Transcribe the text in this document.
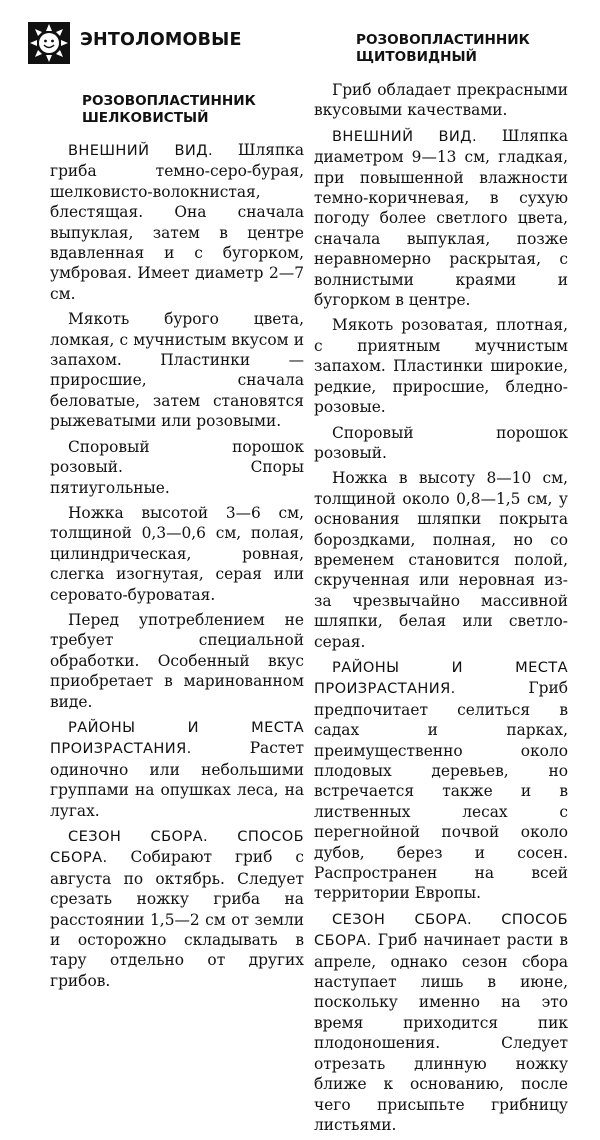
ЭНТОЛОМОВЫЕ
РОЗОВОПЛАСТИННИК ШЕЛКОВИСТЫЙ

ВНЕШНИЙ ВИД. Шляпка гриба темно-серо-бурая, шелковисто-волокнистая, блестящая. Она сначала выпуклая, затем в центре вдавленная и с бугорком, умбровая. Имеет диаметр 2—7 см.

Мякоть бурого цвета, ломкая, с мучнистым вкусом и запахом. Пластинки — приросшие, сначала беловатые, затем становятся рыжеватыми или розовыми.

Споровый порошок розовый. Споры пятиугольные.

Ножка высотой 3—6 см, толщиной 0,3—0,6 см, полая, цилиндрическая, ровная, слегка изогнутая, серая или серовато-буроватая.

Перед употреблением не требует специальной обработки. Особенный вкус приобретает в маринованном виде.

РАЙОНЫ И МЕСТА ПРОИЗРАСТАНИЯ. Растет одиночно или небольшими группами на опушках леса, на лугах.

СЕЗОН СБОРА. СПОСОБ СБОРА. Собирают гриб с августа по октябрь. Следует срезать ножку гриба на расстоянии 1,5—2 см от земли и осторожно складывать в тару отдельно от других грибов.

РОЗОВОПЛАСТИННИК ЩИТОВИДНЫЙ

Гриб обладает прекрасными вкусовыми качествами.

ВНЕШНИЙ ВИД. Шляпка диаметром 9—13 см, гладкая, при повышенной влажности темно-коричневая, в сухую погоду более светлого цвета, сначала выпуклая, позже неравномерно раскрытая, с волнистыми краями и бугорком в центре.

Мякоть розоватая, плотная, с приятным мучнистым запахом. Пластинки широкие, редкие, приросшие, бледно-розовые.

Споровый порошок розовый.

Ножка в высоту 8—10 см, толщиной около 0,8—1,5 см, у основания шляпки покрыта бороздками, полная, но со временем становится полой, скрученная или неровная из-за чрезвычайно массивной шляпки, белая или светло-серая.

РАЙОНЫ И МЕСТА ПРОИЗРАСТАНИЯ. Гриб предпочитает селиться в садах и парках, преимущественно около плодовых деревьев, но встречается также и в лиственных лесах с перегнойной почвой около дубов, берез и сосен. Распространен на всей территории Европы.

СЕЗОН СБОРА. СПОСОБ СБОРА. Гриб начинает расти в апреле, однако сезон сбора наступает лишь в июне, поскольку именно на это время приходится пик плодоношения. Следует отрезать длинную ножку ближе к основанию, после чего присыпьте грибницу листьями.
